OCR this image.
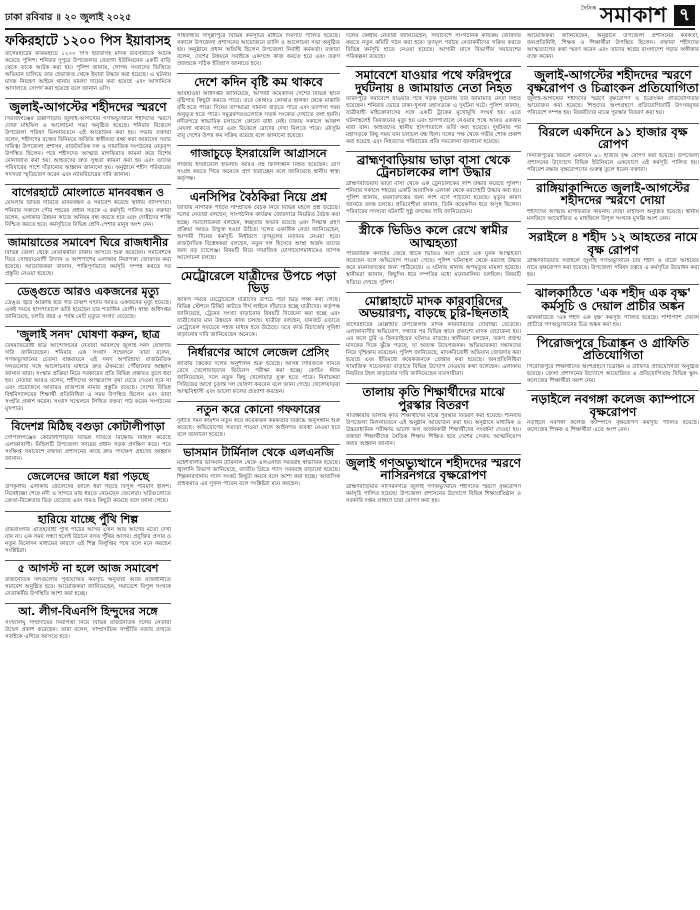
ঢাকা রবিবার ॥ ২০ জুলাই ২০২৫
দৈনিক সমাকাশ ৭
ফকিরহাটে ১২০০ পিস ইয়াবাসহ

বাগেরহাটের ফকিরহাটে ১২০০ পিস ইয়াবাসহ মাদক ব্যবসায়ীকে আটক করেছে পুলিশ। শনিবার দুপুরে উপজেলার বেতাগা ইউনিয়নের একটি বাড়ি থেকে তাকে আটক করা হয়। পুলিশ জানায়, গোপন সংবাদের ভিত্তিতে অভিযান চালিয়ে তার হেফাজত থেকে ইয়াবা উদ্ধার করা হয়েছে। এ ঘটনায় মাদক নিয়ন্ত্রণ আইনে থানায় মামলা দায়ের করা হয়েছে এবং আসামিকে আদালতে সোপর্দ করা হয়েছে বলে জানান ওসি।

জুলাই-আগস্টের শহীদদের স্মরণে

সিরাজগঞ্জের উল্লাপাড়ায় জুলাই-আগস্টের গণঅভ্যুত্থানে শহীদদের স্মরণে দোয়া মাহফিল ও আলোচনা সভা অনুষ্ঠিত হয়েছে। শনিবার বিকেলে উপজেলা পরিষদ মিলনায়তনে এই আয়োজন করা হয়। সভায় বক্তারা বলেন, শহীদদের রক্তের বিনিময়ে অর্জিত স্বাধীনতা রক্ষা করা আমাদের সবার দায়িত্ব। উপজেলা প্রশাসন, রাজনৈতিক দল ও সামাজিক সংগঠনের নেতৃবৃন্দ উপস্থিত ছিলেন। পরে শহীদদের আত্মার মাগফিরাত কামনা করে বিশেষ মোনাজাত করা হয়। আহতদের দ্রুত সুস্থতা কামনা করা হয় এবং তাদের পরিবারের পাশে দাঁড়ানোর আহ্বান জানানো হয়। অনুষ্ঠানে শহীদ পরিবারের সদস্যরা স্মৃতিচারণ করেন এবং ন্যায়বিচারের দাবি জানান।

বাগেরহাটে মোংলাতে মানববন্ধন ও

মোংলায় বিভিন্ন দাবিতে মানববন্ধন ও সমাবেশ করেছে স্থানীয় বাসিন্দারা। শনিবার সকালে পৌর শহরের প্রধান সড়কে এ কর্মসূচি পালিত হয়। বক্তারা বলেন, এলাকার উন্নয়ন কাজে অনিয়ম বন্ধ করতে হবে এবং দোষীদের শাস্তি নিশ্চিত করতে হবে। কর্মসূচিতে বিভিন্ন শ্রেণি-পেশার মানুষ অংশ নেন।

জামায়াতের সমাবেশ ঘিরে রাজধানীর

বিভিন্ন জেলা থেকে নেতাকর্মীরা ঢাকায় আসতে শুরু করেছেন। সমাবেশকে ঘিরে সোহরাওয়ার্দী উদ্যান ও আশপাশের এলাকায় নিরাপত্তা জোরদার করা হয়েছে। আয়োজকরা জানান, শান্তিপূর্ণভাবে কর্মসূচি সম্পন্ন করতে সব প্রস্তুতি নেওয়া হয়েছে।

ডেঙ্গুতে আরও একজনের মৃত্যু

ডেঙ্গু জ্বরে আক্রান্ত হয়ে গত চব্বিশ ঘণ্টায় আরও একজনের মৃত্যু হয়েছে। একই সময়ে হাসপাতালে ভর্তি হয়েছেন চার শতাধিক রোগী। স্বাস্থ্য অধিদপ্তর জানিয়েছে, চলতি বছর এ পর্যন্ত মোট মৃত্যুর সংখ্যা বেড়েছে।

'জুলাই সনদ' ঘোষণা করুন, ছাত্র

বৈষম্যবিরোধী ছাত্র আন্দোলনের নেতারা অবিলম্বে জুলাই সনদ ঘোষণার দাবি জানিয়েছেন। শনিবার এক সংবাদ সম্মেলনে তারা বলেন, গণঅভ্যুত্থানের চেতনা বাস্তবায়নে এই সনদ অপরিহার্য। রাজনৈতিক দলগুলোর সঙ্গে আলোচনার মাধ্যমে দ্রুত ঐকমত্যে পৌঁছানোর আহ্বান জানান তারা। সংস্কার প্রক্রিয়া নিয়ে সরকারের প্রতি বিভিন্ন প্রস্তাবও তুলে ধরা হয়। নেতারা আরও বলেন, শহীদদের আত্মত্যাগ বৃথা যেতে দেওয়া হবে না এবং প্রয়োজনে আবারও রাজপথে নামার প্রস্তুতি রয়েছে। দেশের বিভিন্ন বিশ্ববিদ্যালয়ের শিক্ষার্থী প্রতিনিধিরা এ সময় উপস্থিত ছিলেন এবং তারা সংহতি প্রকাশ করেন। সংবাদ সম্মেলনে লিখিত বক্তব্য পাঠ করেন সংগঠনের মুখপাত্র।

বিদেশগ্ন মিঠিছ বগুড়া কোটালীপাড়া

গোপালগঞ্জের কোটালীপাড়ায় বিভিন্ন দাবিতে বিক্ষোভ মিছিল করেছে এলাকাবাসী। মিছিলটি উপজেলা সদরের প্রধান সড়ক প্রদক্ষিণ করে। পরে সংক্ষিপ্ত সমাবেশে বক্তারা প্রশাসনের কাছে দ্রুত পদক্ষেপ গ্রহণের আহ্বান জানান।

জেলেদের জালে ধরা পড়ছে

উপকূলীয় এলাকায় জেলেদের জালে ধরা পড়ছে বিপুল পরিমাণ ইলিশ। নিষেধাজ্ঞা শেষে নদী ও সাগরে মাছ ধরতে নেমেছেন জেলেরা। ঘাটগুলোতে ক্রেতা-বিক্রেতার ভিড় বেড়েছে এবং দামও কিছুটা কমেছে বলে জানা গেছে।

হারিয়ে যাচ্ছে পুঁথি শিল্প

গ্রামবাংলার ঐতিহ্যবাহী পুঁথি পাঠের আসর এখন আর আগের মতো দেখা যায় না। এক সময় সন্ধ্যা হলেই উঠানে বসত পুঁথির আসর। প্রযুক্তির প্রসার ও নতুন বিনোদন মাধ্যমের কারণে এই শিল্প বিলুপ্তির পথে বলে মনে করছেন সংশ্লিষ্টরা।

৫ আগস্ট না হলে আজ সমাবেশ

রাজনৈতিক দলগুলোর পূর্বঘোষিত কর্মসূচি অনুযায়ী আজ রাজধানীতে সমাবেশ অনুষ্ঠিত হবে। আয়োজকরা জানিয়েছেন, সমাবেশে বিপুল সংখ্যক নেতাকর্মীর উপস্থিতি আশা করা হচ্ছে।

আ. লীগ-বিএনপি হিন্দুদের সঙ্গে

সংখ্যালঘু সম্প্রদায়ের নিরাপত্তা নিয়ে বিভিন্ন রাজনৈতিক দলের নেতারা উদ্বেগ প্রকাশ করেছেন। তারা বলেন, সাম্প্রদায়িক সম্প্রীতি বজায় রাখতে সবাইকে এগিয়ে আসতে হবে।

গাইবান্ধার সাদুল্লাপুরে বিভিন্ন কর্মসূচির মাধ্যমে দিবসটি পালিত হয়েছে। সকালে উপজেলা প্রশাসনের আয়োজনে র‍্যালি ও আলোচনা সভা অনুষ্ঠিত হয়। অনুষ্ঠানে প্রধান অতিথি ছিলেন উপজেলা নির্বাহী কর্মকর্তা। বক্তারা বলেন, দেশের উন্নয়নে সবাইকে একসঙ্গে কাজ করতে হবে এবং তরুণ প্রজন্মকে সঠিক ইতিহাস জানাতে হবে।

দেশে কদিন বৃষ্টি কম থাকবে

আবহাওয়া অধিদপ্তর জানিয়েছে, আগামী কয়েকদিন দেশের বিভিন্ন স্থানে বৃষ্টিপাত কিছুটা কমতে পারে। তবে কোথাও কোথাও হালকা থেকে মাঝারি বৃষ্টি হতে পারে। দিনের তাপমাত্রা সামান্য বাড়তে পারে এবং ভ্যাপসা গরম অনুভূত হতে পারে। সমুদ্রবন্দরগুলোকে সতর্ক সংকেত দেখাতে বলা হয়নি। নদীবন্দরে স্বাভাবিক চলাচলে কোনো বাধা নেই। ঢাকায় সকালে আকাশ মেঘলা থাকতে পারে এবং বিকেলে রোদের দেখা মিলতে পারে। মৌসুমি বায়ু দেশের উপর কম সক্রিয় রয়েছে বলে জানানো হয়েছে।

গাজাচুড়ে ইসরায়েলি আগ্রাসনে

গাজায় ইসরায়েলি হামলায় আরও বহু ফিলিস্তিনি নিহত হয়েছেন। ত্রাণ সংগ্রহ করতে গিয়ে অনেকে প্রাণ হারাচ্ছেন বলে জানিয়েছে স্থানীয় স্বাস্থ্য কর্তৃপক্ষ।

এনসিপির বৈঠকিরা নিয়ে প্রশ্ন

জাতীয় নাগরিক পার্টির সাম্প্রতিক বৈঠক নিয়ে বিভিন্ন মহলে প্রশ্ন উঠেছে। দলের নেতারা বলছেন, সাংগঠনিক কার্যক্রম জোরদারে নিয়মিত বৈঠক করা হচ্ছে। সমালোচকরা বলছেন, স্বচ্ছতার অভাব রয়েছে এবং সিদ্ধান্ত গ্রহণ প্রক্রিয়া আরও উন্মুক্ত হওয়া উচিত। দলের একাধিক নেতা জানিয়েছেন, আগামী দিনের কর্মসূচি নির্ধারণে তৃণমূলের মতামত নেওয়া হবে। রাজনৈতিক বিশ্লেষকরা বলছেন, নতুন দল হিসেবে আস্থা অর্জন তাদের জন্য বড় চ্যালেঞ্জ। বিষয়টি নিয়ে সামাজিক যোগাযোগমাধ্যমেও ব্যাপক আলোচনা চলছে।

মেট্রোরেলে যাত্রীদের উপচে পড়া ভিড়

অফিস সময়ে মেট্রোরেলে যাত্রীদের উপচে পড়া ভিড় লক্ষ্য করা গেছে। বিভিন্ন স্টেশনে টিকিট কাটতে দীর্ঘ লাইনে দাঁড়াতে হচ্ছে যাত্রীদের। কর্তৃপক্ষ জানিয়েছে, ট্রেনের সংখ্যা বাড়ানোর বিষয়টি বিবেচনা করা হচ্ছে এবং যাত্রীসেবার মান উন্নয়নে কাজ চলছে। যাত্রীরা বলছেন, যানজট এড়াতে মেট্রোরেল সবচেয়ে সহজ মাধ্যম হয়ে উঠেছে। তবে কার্ড রিচার্জের সুবিধা বাড়ানোর দাবি জানিয়েছেন অনেকে।

নির্ধারণের আগে লেজেল প্রেসিং

জাতীয় ক্রিকেট দলের অনুশীলন শুরু হয়েছে। আসন্ন সিরিজকে সামনে রেখে খেলোয়াড়দের ফিটনেস পরীক্ষা করা হচ্ছে। কোচিং স্টাফ জানিয়েছেন, দলে নতুন কিছু খেলোয়াড় যুক্ত হতে পারে। নির্বাচকরা সিরিজের আগে চূড়ান্ত দল ঘোষণা করবেন বলে জানা গেছে। খেলোয়াড়রা আত্মবিশ্বাসী এবং ভালো ফলের প্রত্যাশা করছেন।

নতুন করে কোনো গফফারের

দুর্নীতি দমন কমিশন নতুন করে কয়েকজন কর্মকর্তার বিরুদ্ধে অনুসন্ধান শুরু করেছে। অভিযোগের সত্যতা পাওয়া গেলে আইনগত ব্যবস্থা নেওয়া হবে বলে জানানো হয়েছে।

ভাসমান টার্মিনাল থেকে এলএনজি

মহেশখালীর ভাসমান টার্মিনাল থেকে এলএনজি সরবরাহ স্বাভাবিক হয়েছে। জ্বালানি বিভাগ জানিয়েছে, জাতীয় গ্রিডে গ্যাস সরবরাহ বাড়ানো হয়েছে। শিল্পকারখানায় গ্যাস সংকট কিছুটা কমবে বলে আশা করা হচ্ছে। আবাসিক গ্রাহকরাও এর সুফল পাবেন বলে সংশ্লিষ্টরা মনে করছেন।

দলের কেন্দ্রীয় নেতারা জানিয়েছেন, সারাদেশে সাংগঠনিক কার্যক্রম জোরদার করতে নতুন কমিটি গঠন করা হবে। তৃণমূল পর্যায়ে নেতাকর্মীদের সক্রিয় করতে বিভিন্ন কর্মসূচি হাতে নেওয়া হয়েছে। আগামী মাসে বিভাগীয় সমাবেশের পরিকল্পনা রয়েছে।

সমাবেশে যাওয়ার পথে ফরিদপুরে দুর্ঘটনায় ৪ জামায়াত নেতা নিহত

ফরিদপুরে সমাবেশে যাওয়ার পথে সড়ক দুর্ঘটনায় চার জামায়াত নেতা নিহত হয়েছেন। শনিবার ভোরে ঢাকা-খুলনা মহাসড়কে এ দুর্ঘটনা ঘটে। পুলিশ জানায়, যাত্রীবাহী মাইক্রোবাসের সঙ্গে একটি ট্রাকের মুখোমুখি সংঘর্ষ হয়। এতে ঘটনাস্থলেই তিনজনের মৃত্যু হয় এবং হাসপাতালে নেওয়ার পথে আরও একজন মারা যান। আহতদের স্থানীয় হাসপাতালে ভর্তি করা হয়েছে। দুর্ঘটনার পর মহাসড়কে কিছু সময় যান চলাচল বন্ধ ছিল। দলের পক্ষ থেকে গভীর শোক প্রকাশ করা হয়েছে এবং নিহতদের পরিবারের প্রতি সমবেদনা জানানো হয়েছে।

ব্রাহ্মণবাড়িয়ায় ভাড়া বাসা থেকে ট্রেনচালকের লাশ উদ্ধার

ব্রাহ্মণবাড়িয়ায় ভাড়া বাসা থেকে এক ট্রেনচালকের লাশ উদ্ধার করেছে পুলিশ। শনিবার সকালে শহরের একটি আবাসিক এলাকা থেকে মরদেহটি উদ্ধার করা হয়। পুলিশ জানায়, ময়নাতদন্তের জন্য লাশ মর্গে পাঠানো হয়েছে। মৃত্যুর কারণ জানতে তদন্ত চলছে। প্রতিবেশীরা জানান, তিনি কয়েকদিন ধরে অসুস্থ ছিলেন। পরিবারের সদস্যরা ঘটনাটি সুষ্ঠু তদন্তের দাবি জানিয়েছেন।

স্ত্রীকে ভিডিও কলে রেখে স্বামীর আত্মহত্যা

পারিবারিক কলহের জেরে স্ত্রীকে ভিডিও কলে রেখে এক যুবক আত্মহত্যা করেছেন বলে অভিযোগ পাওয়া গেছে। পুলিশ ঘটনাস্থল থেকে মরদেহ উদ্ধার করে ময়নাতদন্তের জন্য পাঠিয়েছে। এ ঘটনায় থানায় অপমৃত্যুর মামলা হয়েছে। স্থানীয়রা জানান, কিছুদিন ধরে দম্পতির মধ্যে মনোমালিন্য চলছিল। বিষয়টি খতিয়ে দেখছে পুলিশ।

মোল্লাহাটে মাদক কারবারিদের অভয়ারণ্য, বাড়ছে চুরি-ছিনতাই

বাগেরহাটের মোল্লাহাট উপজেলায় মাদক কারবারিদের দৌরাত্ম্য বেড়েছে। এলাকাবাসীর অভিযোগ, সন্ধ্যার পর বিভিন্ন স্থানে প্রকাশ্যে মাদক বেচাকেনা হয়। এর ফলে চুরি ও ছিনতাইয়ের ঘটনাও বাড়ছে। স্থানীয়রা বলছেন, তরুণ প্রজন্ম মাদকের দিকে ঝুঁকে পড়ছে, যা অত্যন্ত উদ্বেগজনক। অভিভাবকরা সন্তানদের নিয়ে দুশ্চিন্তায় রয়েছেন। পুলিশ জানিয়েছে, মাদকবিরোধী অভিযান জোরদার করা হয়েছে এবং ইতিমধ্যে কয়েকজনকে গ্রেপ্তার করা হয়েছে। জনপ্রতিনিধিরা সামাজিক সচেতনতা বাড়াতে বিভিন্ন উদ্যোগ নেওয়ার কথা বলেছেন। এলাকায় নিয়মিত টহল বাড়ানোর দাবি জানিয়েছেন ব্যবসায়ীরা।

তালায় কৃতি শিক্ষার্থীদের মাঝে পুরস্কার বিতরণ

সাতক্ষীরার তালায় কৃতি শিক্ষার্থীদের মাঝে পুরস্কার বিতরণ করা হয়েছে। শনিবার উপজেলা মিলনায়তনে এই অনুষ্ঠান আয়োজন করা হয়। অনুষ্ঠানে মাধ্যমিক ও উচ্চমাধ্যমিক পরীক্ষায় ভালো ফল অর্জনকারী শিক্ষার্থীদের সংবর্ধনা দেওয়া হয়। বক্তারা শিক্ষার্থীদের নৈতিক শিক্ষায় শিক্ষিত হয়ে দেশের সেবায় আত্মনিয়োগ করার আহ্বান জানান।

জুলাই গণঅভ্যুত্থানে শহীদদের স্মরণে নাসিরনগরে বৃক্ষরোপণ

ব্রাহ্মণবাড়িয়ার নাসিরনগরে জুলাই গণঅভ্যুত্থানে শহীদদের স্মরণে বৃক্ষরোপণ কর্মসূচি পালিত হয়েছে। উপজেলা প্রশাসনের উদ্যোগে বিভিন্ন শিক্ষাপ্রতিষ্ঠান ও সরকারি দপ্তর প্রাঙ্গণে চারা রোপণ করা হয়।

আয়োজকরা জানিয়েছেন, অনুষ্ঠানে উপজেলা প্রশাসনের কর্মকর্তা, জনপ্রতিনিধি, শিক্ষক ও শিক্ষার্থীরা উপস্থিত ছিলেন। বক্তারা শহীদদের আত্মত্যাগের কথা স্মরণ করেন এবং তাদের স্বপ্নের বাংলাদেশ গড়ার অঙ্গীকার ব্যক্ত করেন।

জুলাই-আগস্টের শহীদদের স্মরণে বৃক্ষরোপণ ও চিত্রাংকন প্রতিযোগিতা

জুলাই-আগস্টের শহীদদের স্মরণে বৃক্ষরোপণ ও চিত্রাংকন প্রতিযোগিতার আয়োজন করা হয়েছে। শিশুদের অংশগ্রহণে প্রতিযোগিতাটি উৎসবমুখর পরিবেশে সম্পন্ন হয়। বিজয়ীদের মাঝে পুরস্কার বিতরণ করা হয়।

বিরলে একদিনে ৯১ হাজার বৃক্ষ রোপণ

দিনাজপুরের বিরলে একদিনে ৯১ হাজার বৃক্ষ রোপণ করা হয়েছে। উপজেলা প্রশাসনের উদ্যোগে বিভিন্ন ইউনিয়নে একযোগে এই কর্মসূচি পালিত হয়। পরিবেশ রক্ষায় বৃক্ষরোপণের গুরুত্ব তুলে ধরেন বক্তারা।

রাঙ্গিয়াকান্দিতে জুলাই-আগস্টের শহীদদের স্মরণে দোয়া

শহীদদের আত্মার মাগফিরাত কামনায় দোয়া মাহফিল অনুষ্ঠিত হয়েছে। স্থানীয় মসজিদে আয়োজিত এ মাহফিলে বিপুল সংখ্যক মুসল্লি অংশ নেন।

সরাইলে ৪ শহীদ ১২ আহতের নামে বৃক্ষ রোপণ

ব্রাহ্মণবাড়িয়ার সরাইলে জুলাই গণঅভ্যুত্থানে চার শহীদ ও বারো আহতের নামে বৃক্ষরোপণ করা হয়েছে। উপজেলা পরিষদ চত্বরে এ কর্মসূচির উদ্বোধন করা হয়।

ঝালকাঠিতে 'এক শহীদ এক বৃক্ষ' কর্মসূচি ও দেয়াল প্রাচীর অঙ্কন

ঝালকাঠিতে 'এক শহীদ এক বৃক্ষ' কর্মসূচি পালিত হয়েছে। পাশাপাশি দেয়াল প্রাচীরে গণঅভ্যুত্থানের চিত্র অঙ্কন করা হয়।

পিরোজপুরে চিত্রাঙ্কন ও গ্রাফিতি প্রতিযোগিতা

পিরোজপুরে শিক্ষার্থীদের অংশগ্রহণে চিত্রাঙ্কন ও গ্রাফিতি প্রতিযোগিতা অনুষ্ঠিত হয়েছে। জেলা প্রশাসনের উদ্যোগে আয়োজিত এ প্রতিযোগিতায় বিভিন্ন স্কুল-কলেজের শিক্ষার্থীরা অংশ নেয়।

নড়াইলে নবগঙ্গা কলেজ ক্যাম্পাসে বৃক্ষরোপণ

নড়াইলে নবগঙ্গা কলেজ ক্যাম্পাসে বৃক্ষরোপণ কর্মসূচি পালিত হয়েছে। কলেজের শিক্ষক ও শিক্ষার্থীরা এতে অংশ নেন।
